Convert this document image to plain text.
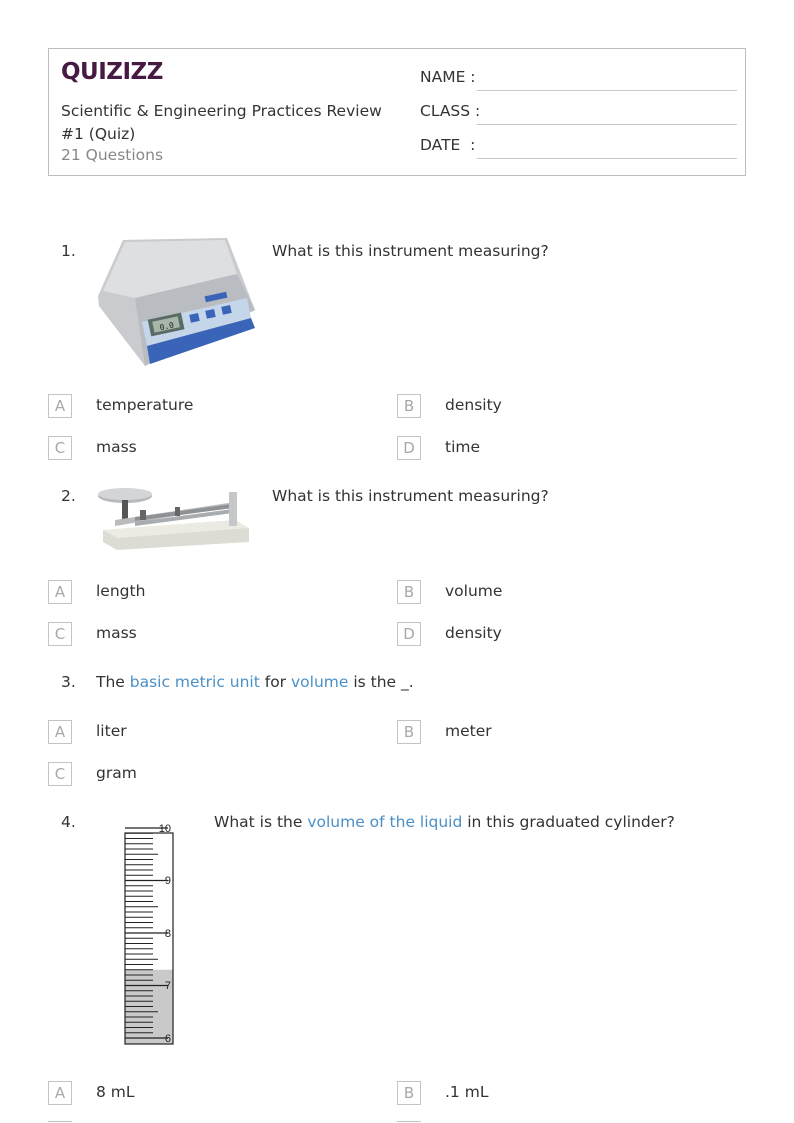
QUIZIZZ
Scientific & Engineering Practices Review #1 (Quiz)
21 Questions
NAME :
CLASS :
DATE  :
1.
0.0
What is this instrument measuring?
A	temperature	B	density
C	mass	D	time
2.	What is this instrument measuring?
A	length	B	volume
C	mass	D	density
3. The basic metric unit for volume is the _.
A	liter	B	meter
C	gram
4.	10
9
8
7
6
What is the volume of the liquid in this graduated cylinder?
A	8 mL	B	.1 mL
